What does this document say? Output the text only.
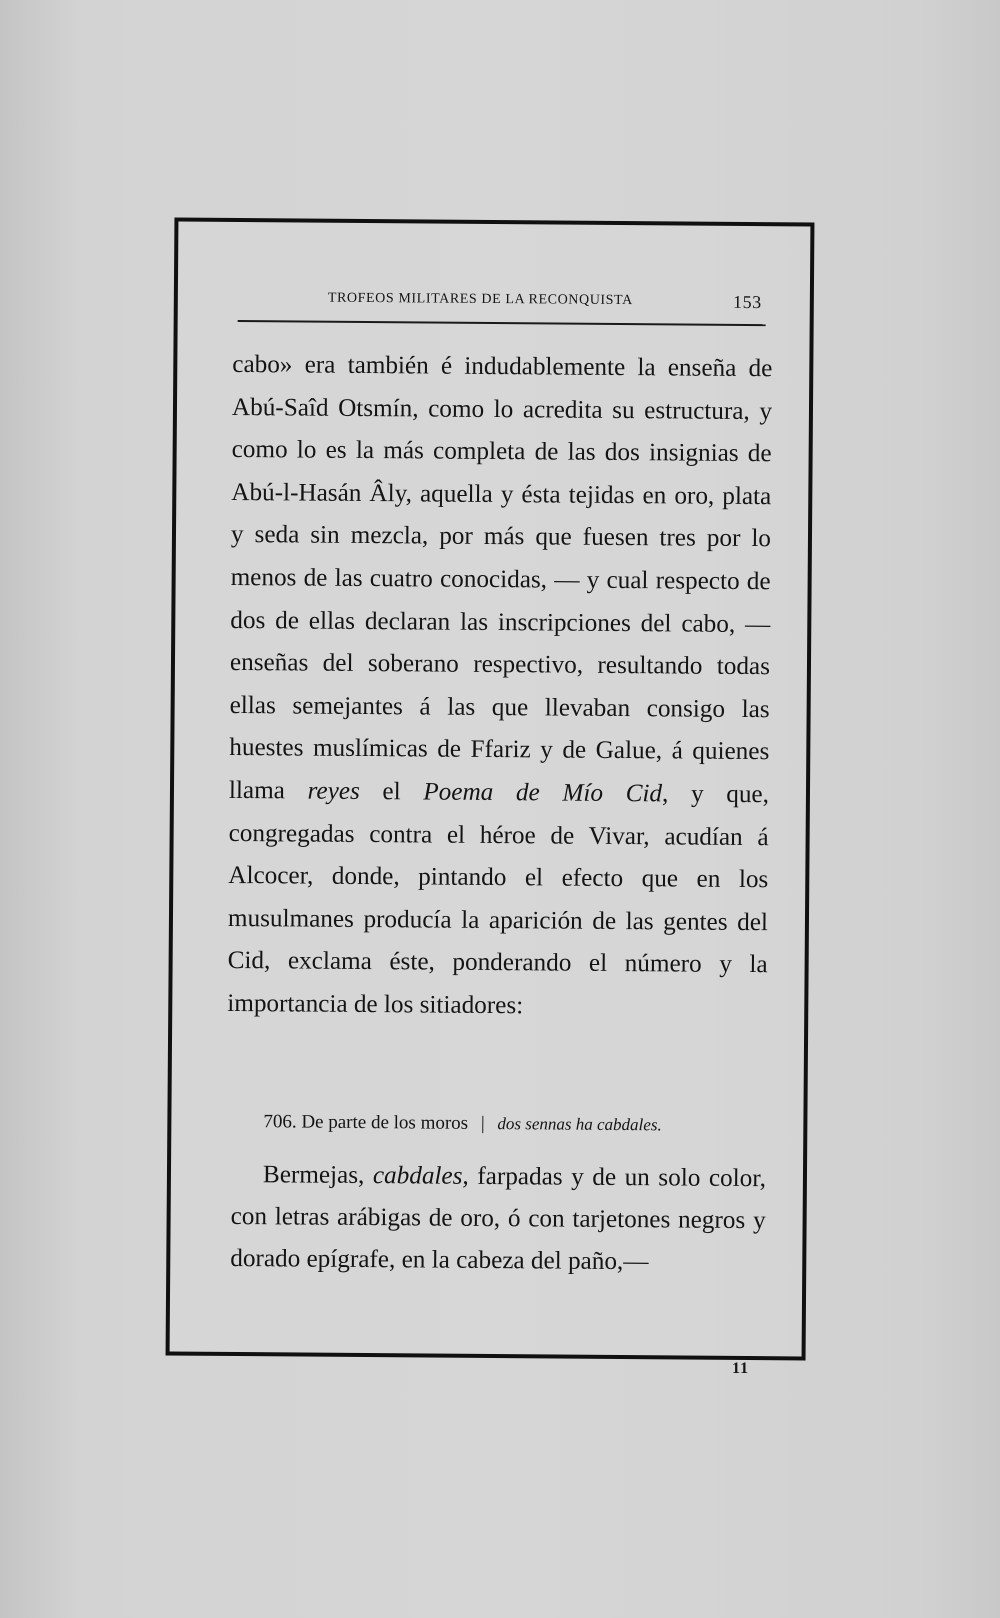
TROFEOS MILITARES DE LA RECONQUISTA	153

cabo» era también é indudablemente la enseña de Abú-Saîd Otsmín, como lo acredita su estructura, y como lo es la más completa de las dos insignias de Abú-l-Hasán Âly, aquella y ésta tejidas en oro, plata y seda sin mezcla, por más que fuesen tres por lo menos de las cuatro conocidas, — y cual respecto de dos de ellas declaran las inscripciones del cabo, — enseñas del soberano respectivo, resultando todas ellas semejantes á las que llevaban consigo las huestes muslímicas de Ffariz y de Galue, á quienes llama reyes el Poema de Mío Cid, y que, congregadas contra el héroe de Vivar, acudían á Alcocer, donde, pintando el efecto que en los musulmanes producía la aparición de las gentes del Cid, exclama éste, ponderando el número y la importancia de los sitiadores:

706. De parte de los moros | dos sennas ha cabdales.
Bermejas, cabdales, farpadas y de un solo color, con letras arábigas de oro, ó con tarjetones negros y dorado epígrafe, en la cabeza del paño,—
11
